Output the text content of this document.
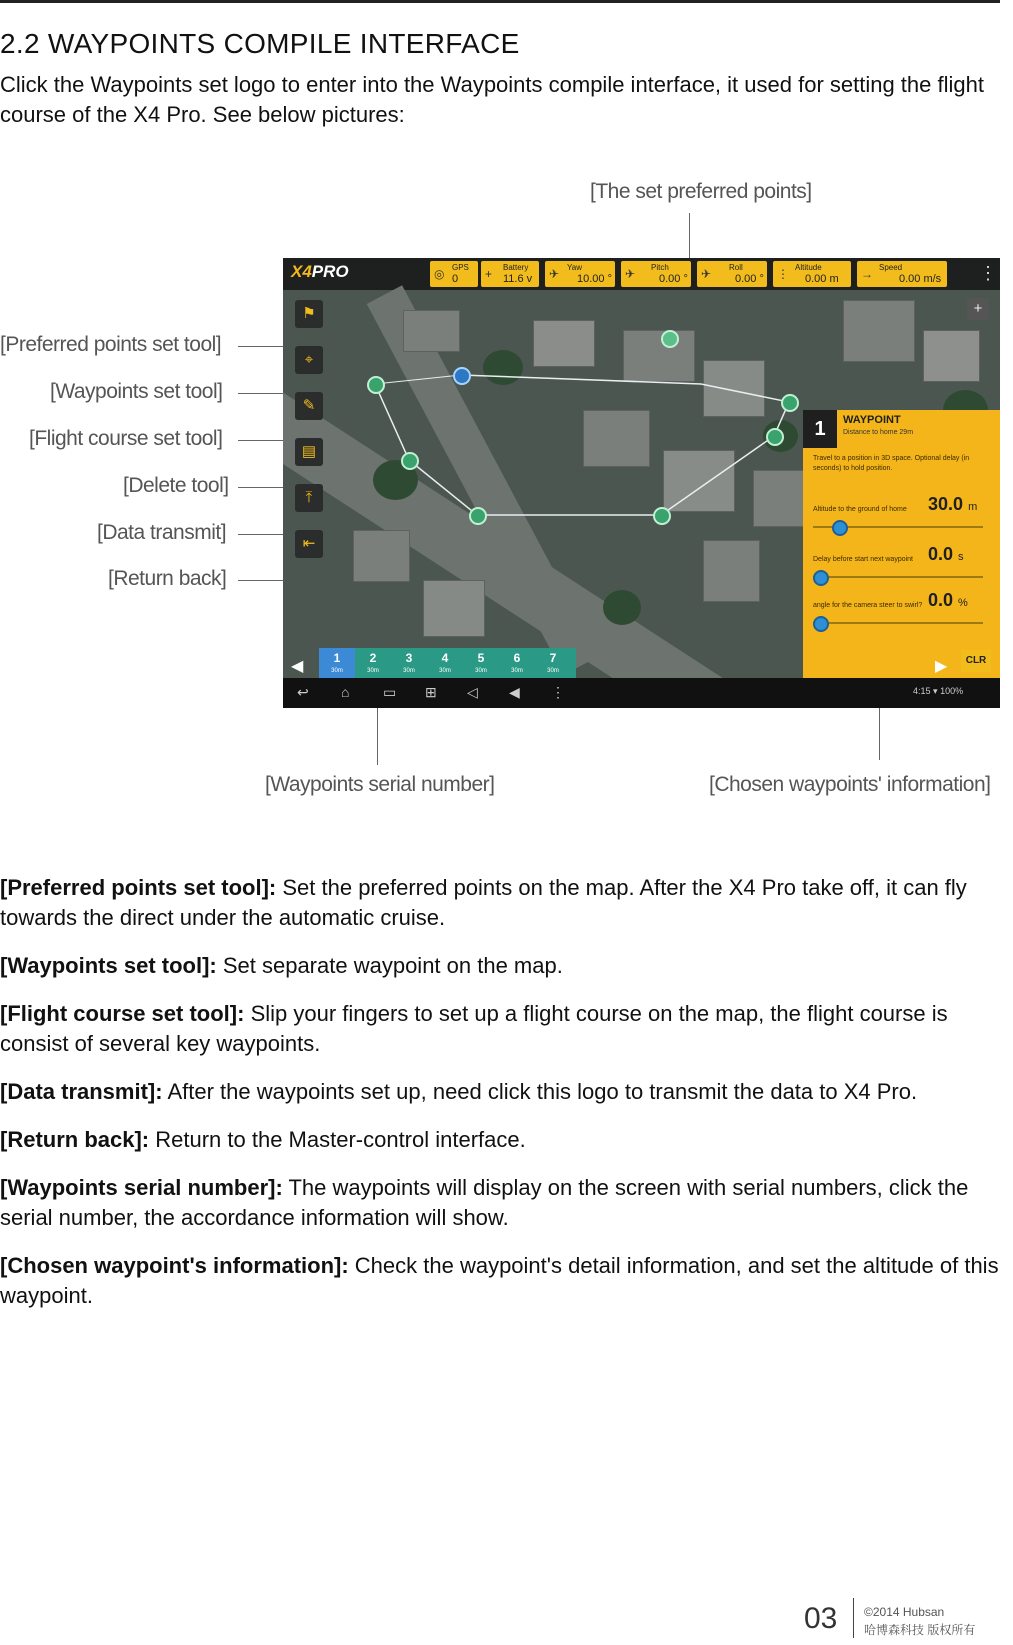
2.2 WAYPOINTS COMPILE INTERFACE
Click the Waypoints set logo to enter into the Waypoints compile interface, it used for setting the flight course of the X4 Pro. See below pictures:
[The set preferred points]
[Preferred points set tool]
[Waypoints set tool]
[Flight course set tool]
[Delete tool]
[Data transmit]
[Return back]
[Waypoints serial number]	[Chosen waypoints' information]
X4PRO	◎ GPS
0 + Battery
11.6 v ✈ Yaw
10.00 ° ✈ Pitch
0.00 ° ✈ Roll
0.00 ° ⋮ Altitude
0.00 m → Speed
0.00 m/s ⋮
⚑
⌖
✎
▤
⤒
⇤
+
1	WAYPOINT
Distance to home 29m
Travel to a position in 3D space. Optional delay (in seconds) to hold position.
Altitude to the ground of home 30.0 m
Delay before start next waypoint 0.0 s
angle for the camera steer to swirl? 0.0 %
◀	1
30m
2
30m
3
30m
4
30m
5
30m
6
30m
7
30m	▶	CLR
↩ ⌂ ▭ ⊞ ◁ ◀ ⋮	4:15 ▾ 100%

[Preferred points set tool]: Set the preferred points on the map. After the X4 Pro take off, it can fly towards the direct under the automatic cruise.

[Waypoints set tool]: Set separate waypoint on the map.

[Flight course set tool]: Slip your fingers to set up a flight course on the map, the flight course is consist of several key waypoints.

[Data transmit]: After the waypoints set up, need click this logo to transmit the data to X4 Pro.

[Return back]: Return to the Master-control interface.

[Waypoints serial number]: The waypoints will display on the screen with serial numbers, click the serial number, the accordance information will show.

[Chosen waypoint's information]: Check the waypoint's detail information, and set the altitude of this waypoint.

03 ©2014 Hubsan
哈博森科技 版权所有
